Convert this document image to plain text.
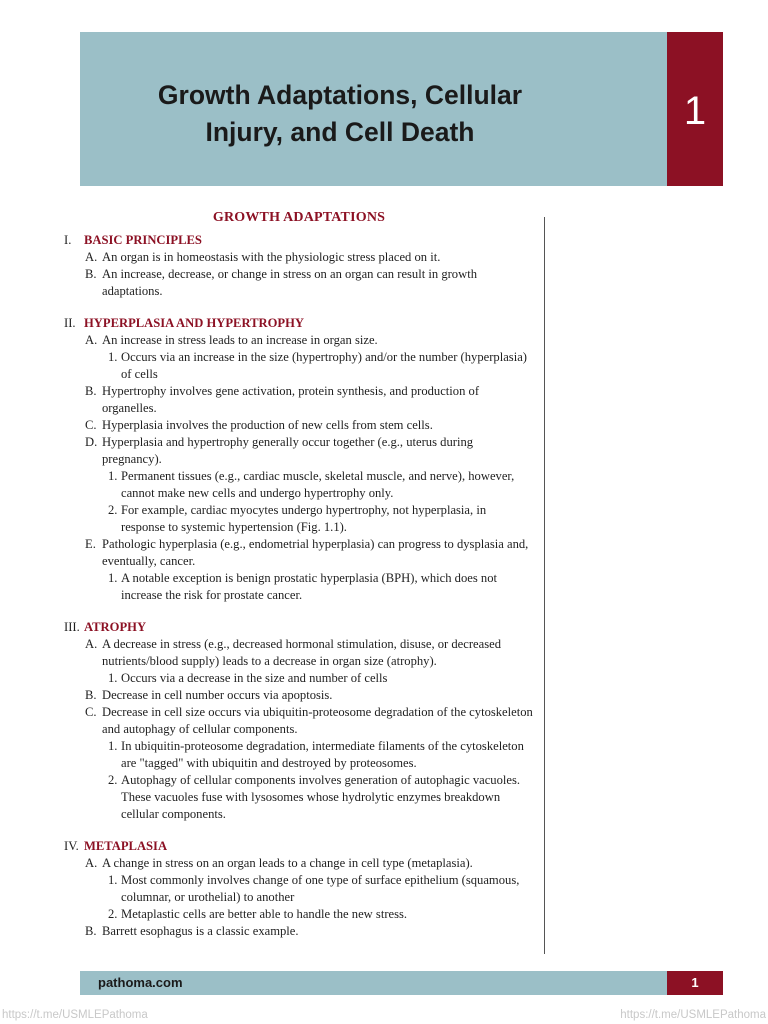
Growth Adaptations, Cellular
Injury, and Cell Death	1
GROWTH ADAPTATIONS
I. BASIC PRINCIPLES
A. An organ is in homeostasis with the physiologic stress placed on it.
B. An increase, decrease, or change in stress on an organ can result in growth adaptations.
II. HYPERPLASIA AND HYPERTROPHY
A. An increase in stress leads to an increase in organ size.
1. Occurs via an increase in the size (hypertrophy) and/or the number (hyperplasia) of cells
B. Hypertrophy involves gene activation, protein synthesis, and production of organelles.
C. Hyperplasia involves the production of new cells from stem cells.
D. Hyperplasia and hypertrophy generally occur together (e.g., uterus during pregnancy).
1. Permanent tissues (e.g., cardiac muscle, skeletal muscle, and nerve), however, cannot make new cells and undergo hypertrophy only.
2. For example, cardiac myocytes undergo hypertrophy, not hyperplasia, in response to systemic hypertension (Fig. 1.1).
E. Pathologic hyperplasia (e.g., endometrial hyperplasia) can progress to dysplasia and, eventually, cancer.
1. A notable exception is benign prostatic hyperplasia (BPH), which does not increase the risk for prostate cancer.
III. ATROPHY
A. A decrease in stress (e.g., decreased hormonal stimulation, disuse, or decreased nutrients/blood supply) leads to a decrease in organ size (atrophy).
1. Occurs via a decrease in the size and number of cells
B. Decrease in cell number occurs via apoptosis.
C. Decrease in cell size occurs via ubiquitin-proteosome degradation of the cytoskeleton and autophagy of cellular components.
1. In ubiquitin-proteosome degradation, intermediate filaments of the cytoskeleton are "tagged" with ubiquitin and destroyed by proteosomes.
2. Autophagy of cellular components involves generation of autophagic vacuoles. These vacuoles fuse with lysosomes whose hydrolytic enzymes breakdown cellular components.
IV. METAPLASIA
A. A change in stress on an organ leads to a change in cell type (metaplasia).
1. Most commonly involves change of one type of surface epithelium (squamous, columnar, or urothelial) to another
2. Metaplastic cells are better able to handle the new stress.
B. Barrett esophagus is a classic example.
pathoma.com	1
https://t.me/USMLEPathoma	https://t.me/USMLEPathoma
